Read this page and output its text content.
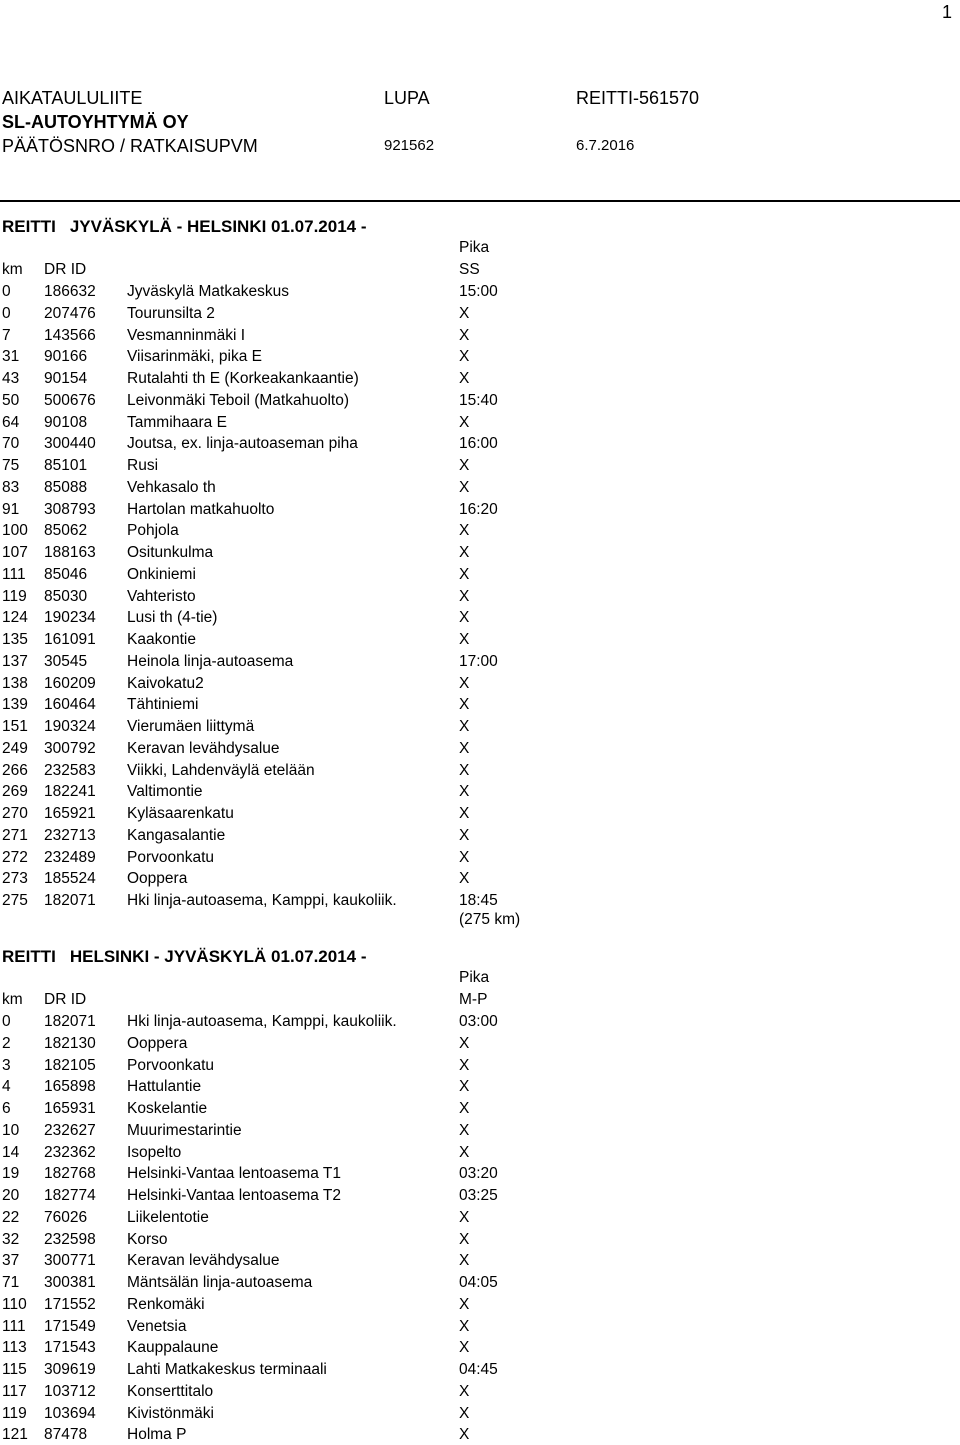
1
AIKATAULULIITE	LUPA	REITTI-561570
SL-AUTOYHTYMÄ OY
PÄÄTÖSNRO / RATKAISUPVM	921562	6.7.2016
REITTI JYVÄSKYLÄ - HELSINKI 01.07.2014 -
Pika
km DR ID	SS
0 186632 Jyväskylä Matkakeskus	15:00
0 207476 Tourunsilta 2	X
7 143566 Vesmanninmäki I	X
31 90166	Viisarinmäki, pika E	X
43 90154	Rutalahti th E (Korkeakankaantie)	X
50 500676 Leivonmäki Teboil (Matkahuolto)	15:40
64 90108	Tammihaara E	X
70 300440 Joutsa, ex. linja-autoaseman piha	16:00
75 85101	Rusi	X
83 85088	Vehkasalo th	X
91 308793 Hartolan matkahuolto	16:20
100 85062	Pohjola	X
107 188163 Ositunkulma	X
111 85046	Onkiniemi	X
119 85030	Vahteristo	X
124 190234 Lusi th (4-tie)	X
135 161091 Kaakontie	X
137 30545	Heinola linja-autoasema	17:00
138 160209 Kaivokatu2	X
139 160464 Tähtiniemi	X
151 190324 Vierumäen liittymä	X
249 300792 Keravan levähdysalue	X
266 232583 Viikki, Lahdenväylä etelään	X
269 182241 Valtimontie	X
270 165921 Kyläsaarenkatu	X
271 232713 Kangasalantie	X
272 232489 Porvoonkatu	X
273 185524 Ooppera	X
275 182071 Hki linja-autoasema, Kamppi, kaukoliik.	18:45
(275 km)
REITTI HELSINKI - JYVÄSKYLÄ 01.07.2014 -
Pika
km DR ID	M-P
0 182071 Hki linja-autoasema, Kamppi, kaukoliik.	03:00
2 182130 Ooppera	X
3 182105 Porvoonkatu	X
4 165898 Hattulantie	X
6 165931 Koskelantie	X
10 232627 Muurimestarintie	X
14 232362 Isopelto	X
19 182768 Helsinki-Vantaa lentoasema T1	03:20
20 182774 Helsinki-Vantaa lentoasema T2	03:25
22 76026	Liikelentotie	X
32 232598 Korso	X
37 300771 Keravan levähdysalue	X
71 300381 Mäntsälän linja-autoasema	04:05
110 171552 Renkomäki	X
111 171549 Venetsia	X
113 171543 Kauppalaune	X
115 309619 Lahti Matkakeskus terminaali	04:45
117 103712 Konserttitalo	X
119 103694 Kivistönmäki	X
121 87478	Holma P	X
